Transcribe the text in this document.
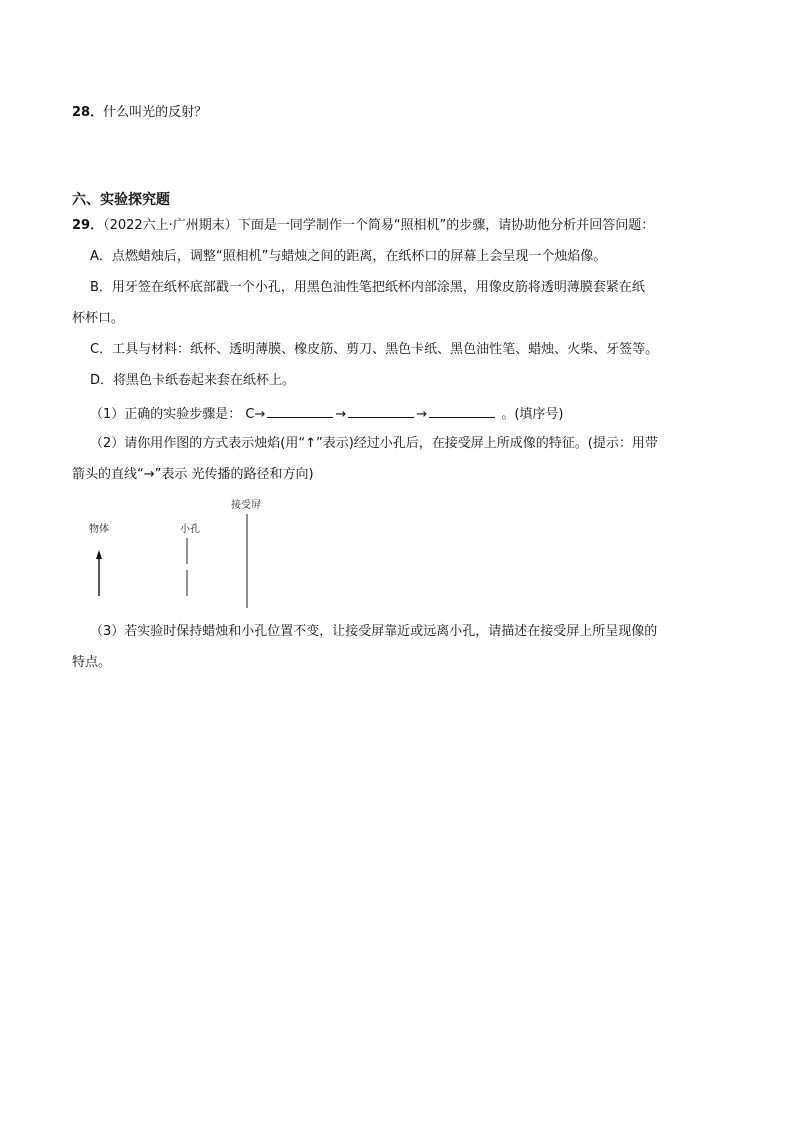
28．什么叫光的反射？
六、实验探究题
29．（2022六上·广州期末）下面是一同学制作一个简易“照相机”的步骤，请协助他分析并回答问题：
A．点燃蜡烛后，调整“照相机”与蜡烛之间的距离，在纸杯口的屏幕上会呈现一个烛焰像。
B．用牙签在纸杯底部戳一个小孔，用黑色油性笔把纸杯内部涂黑，用像皮筋将透明薄膜套紧在纸
杯杯口。
C．工具与材料：纸杯、透明薄膜、橡皮筋、剪刀、黑色卡纸、黑色油性笔、蜡烛、火柴、牙签等。
D．将黑色卡纸卷起来套在纸杯上。
（1）正确的实验步骤是： C→	→	→	。(填序号)
（2）请你用作图的方式表示烛焰(用“↑”表示)经过小孔后，在接受屏上所成像的特征。(提示：用带
箭头的直线“→”表示 光传播的路径和方向)
物体	小孔
接受屏
（3）若实验时保持蜡烛和小孔位置不变，让接受屏靠近或远离小孔，请描述在接受屏上所呈现像的
特点。
